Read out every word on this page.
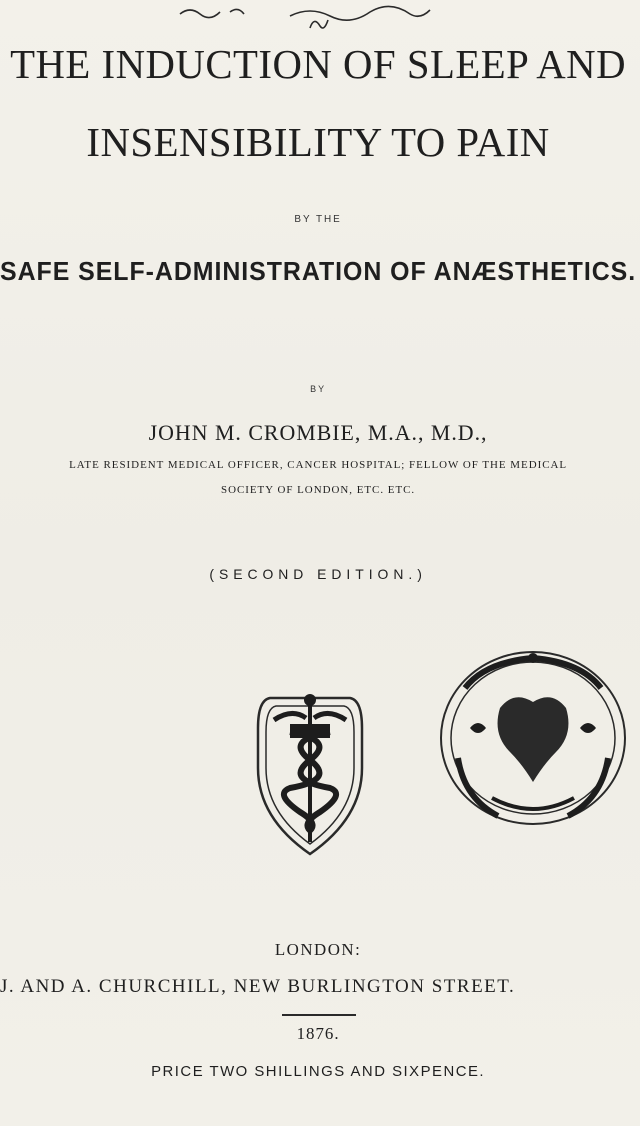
THE INDUCTION OF SLEEP AND
INSENSIBILITY TO PAIN
BY THE
SAFE SELF-ADMINISTRATION OF ANÆSTHETICS.
BY
JOHN M. CROMBIE, M.A., M.D.,
LATE RESIDENT MEDICAL OFFICER, CANCER HOSPITAL; FELLOW OF THE MEDICAL
SOCIETY OF LONDON, ETC. ETC.
(SECOND EDITION.)
LONDON:
J. AND A. CHURCHILL, NEW BURLINGTON STREET.
1876.
PRICE TWO SHILLINGS AND SIXPENCE.
